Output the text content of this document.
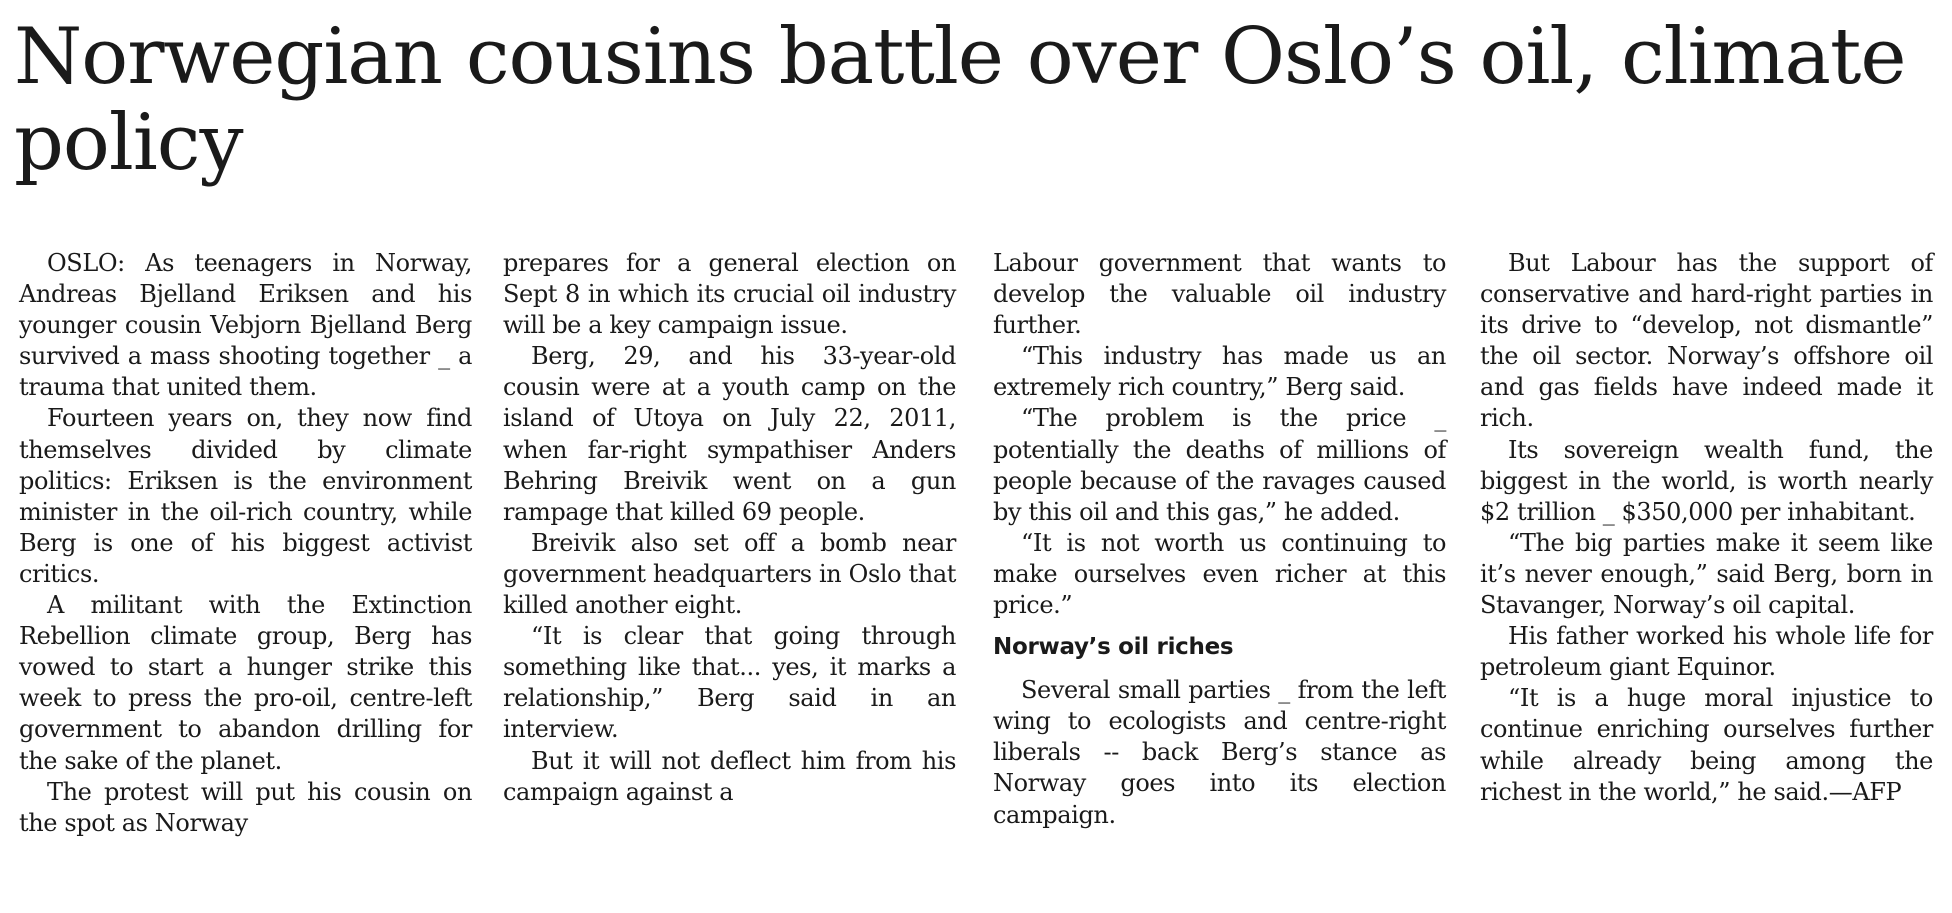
Norwegian cousins battle over Oslo’s oil, climate policy

OSLO: As teenagers in Norway, Andreas Bjelland Eriksen and his younger cousin Vebjorn Bjelland Berg survived a mass shooting together _ a trauma that united them.

Fourteen years on, they now find themselves divided by climate politics: Eriksen is the environment minister in the oil-rich country, while Berg is one of his biggest activist critics.

A militant with the Extinction Rebellion climate group, Berg has vowed to start a hunger strike this week to press the pro-oil, centre-left government to abandon drilling for the sake of the planet.

The protest will put his cousin on the spot as Norway

prepares for a general election on Sept 8 in which its crucial oil industry will be a key campaign issue.

Berg, 29, and his 33-year-old cousin were at a youth camp on the island of Utoya on July 22, 2011, when far-right sympathiser Anders Behring Breivik went on a gun rampage that killed 69 people.

Breivik also set off a bomb near government headquarters in Oslo that killed another eight.

“It is clear that going through something like that... yes, it marks a relationship,” Berg said in an interview.

But it will not deflect him from his campaign against a

Labour government that wants to develop the valuable oil industry further.

“This industry has made us an extremely rich country,” Berg said.

“The problem is the price _ potentially the deaths of millions of people because of the ravages caused by this oil and this gas,” he added.

“It is not worth us continuing to make ourselves even richer at this price.”

Norway’s oil riches

Several small parties _ from the left wing to ecologists and centre-right liberals -- back Berg’s stance as Norway goes into its election campaign.

But Labour has the support of conservative and hard-right parties in its drive to “develop, not dismantle” the oil sector. Norway’s offshore oil and gas fields have indeed made it rich.

Its sovereign wealth fund, the biggest in the world, is worth nearly $2 trillion _ $350,000 per inhabitant.

“The big parties make it seem like it’s never enough,” said Berg, born in Stavanger, Norway’s oil capital.

His father worked his whole life for petroleum giant Equinor.

“It is a huge moral injustice to continue enriching ourselves further while already being among the richest in the world,” he said.—AFP
